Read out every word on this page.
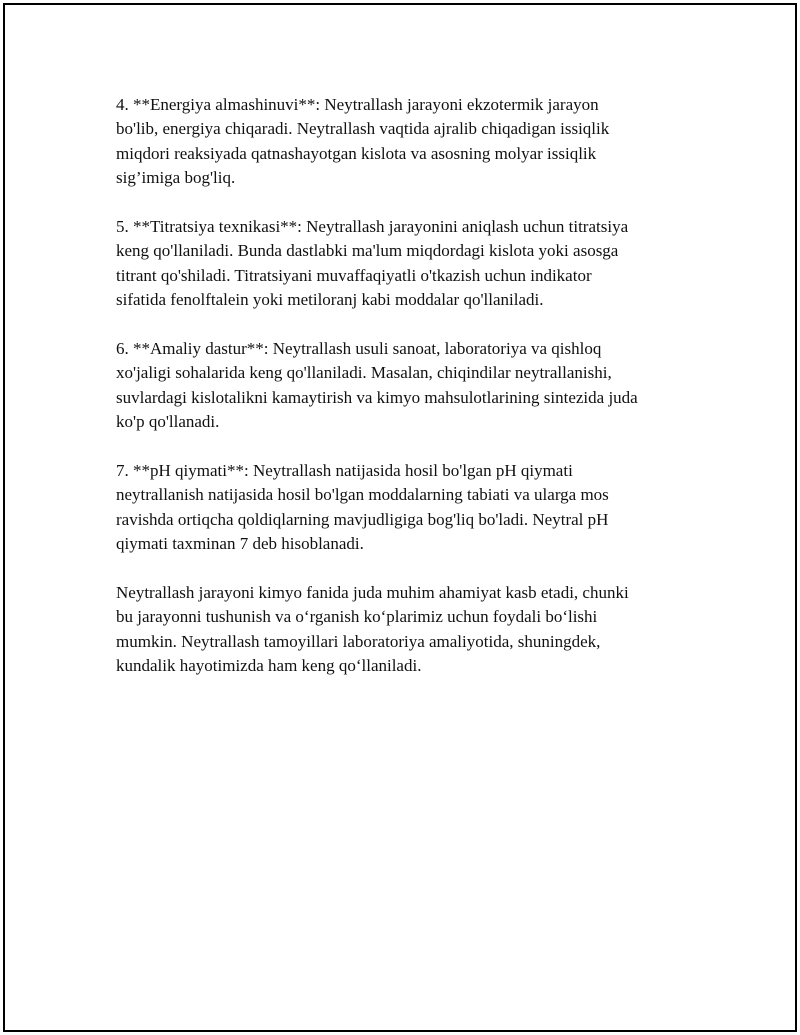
4. **Energiya almashinuvi**: Neytrallash jarayoni ekzotermik jarayon
bo'lib, energiya chiqaradi. Neytrallash vaqtida ajralib chiqadigan issiqlik
miqdori reaksiyada qatnashayotgan kislota va asosning molyar issiqlik
sig’imiga bog'liq.

5. **Titratsiya texnikasi**: Neytrallash jarayonini aniqlash uchun titratsiya
keng qo'llaniladi. Bunda dastlabki ma'lum miqdordagi kislota yoki asosga
titrant qo'shiladi. Titratsiyani muvaffaqiyatli o'tkazish uchun indikator
sifatida fenolftalein yoki metiloranj kabi moddalar qo'llaniladi.

6. **Amaliy dastur**: Neytrallash usuli sanoat, laboratoriya va qishloq
xo'jaligi sohalarida keng qo'llaniladi. Masalan, chiqindilar neytrallanishi,
suvlardagi kislotalikni kamaytirish va kimyo mahsulotlarining sintezida juda
ko'p qo'llanadi.

7. **pH qiymati**: Neytrallash natijasida hosil bo'lgan pH qiymati
neytrallanish natijasida hosil bo'lgan moddalarning tabiati va ularga mos
ravishda ortiqcha qoldiqlarning mavjudligiga bog'liq bo'ladi. Neytral pH
qiymati taxminan 7 deb hisoblanadi.

Neytrallash jarayoni kimyo fanida juda muhim ahamiyat kasb etadi, chunki
bu jarayonni tushunish va o‘rganish ko‘plarimiz uchun foydali bo‘lishi
mumkin. Neytrallash tamoyillari laboratoriya amaliyotida, shuningdek,
kundalik hayotimizda ham keng qo‘llaniladi.
